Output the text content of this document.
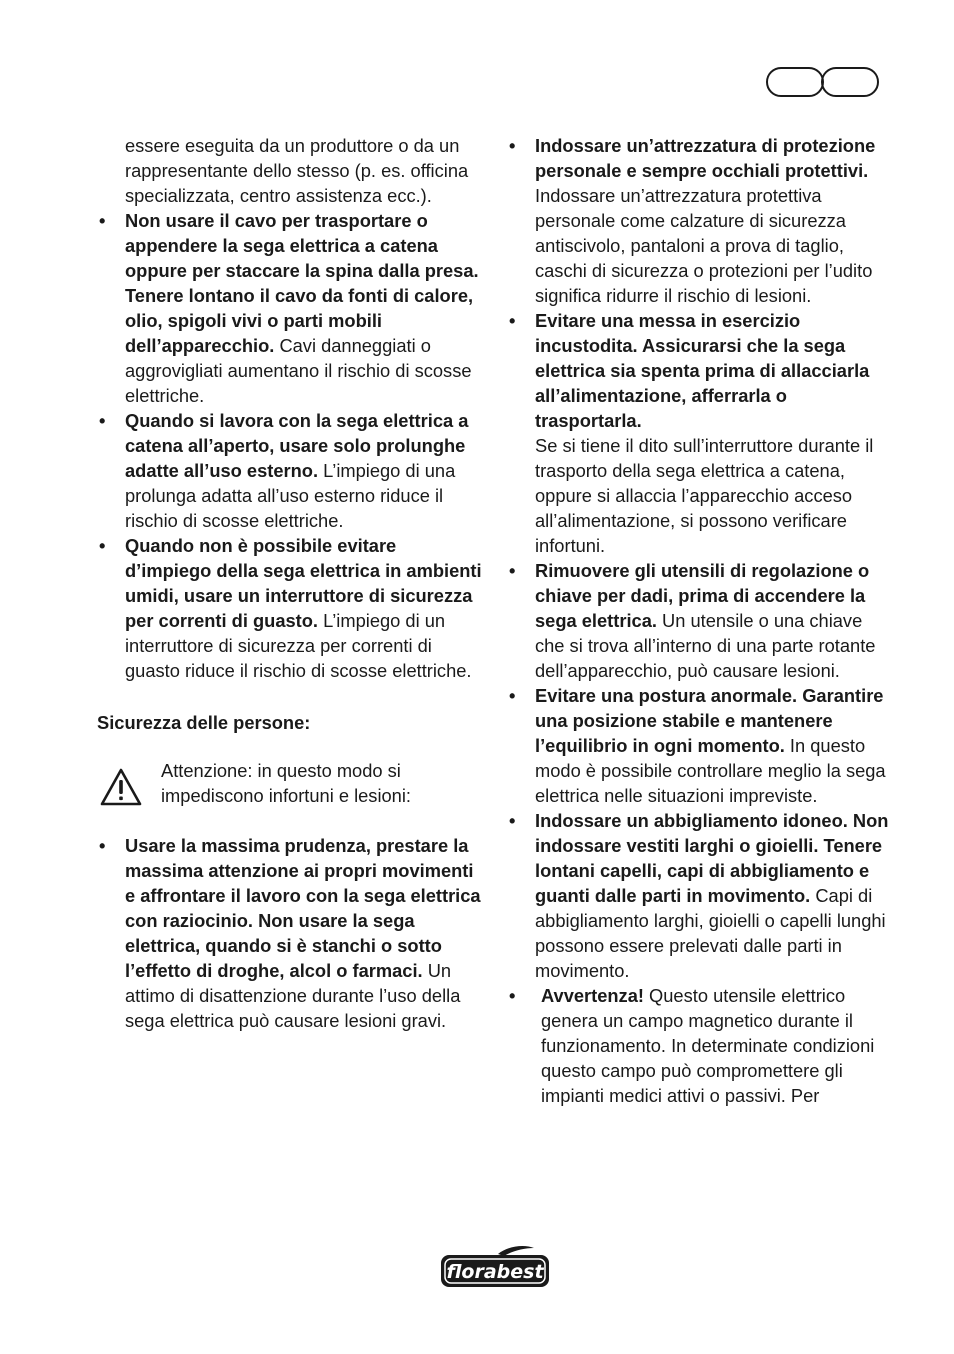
essere eseguita da un produttore o da un rappresentante dello stesso (p. es. officina specializzata, centro assistenza ecc.).

• Non usare il cavo per trasportare o appendere la sega elettrica a catena oppure per staccare la spina dalla presa. Tenere lontano il cavo da fonti di calore, olio, spigoli vivi o parti mobili dell’apparecchio. Cavi danneggiati o aggrovigliati aumentano il rischio di scosse elettriche.
• Quando si lavora con la sega elettrica a catena all’aperto, usare solo prolunghe adatte all’uso esterno. L’impiego di una prolunga adatta all’uso esterno riduce il rischio di scosse elettriche.
• Quando non è possibile evitare d’impiego della sega elettrica in ambienti umidi, usare un interruttore di sicurezza per correnti di guasto. L’impiego di un interruttore di sicurezza per correnti di guasto riduce il rischio di scosse elettriche.

Sicurezza delle persone:

Attenzione: in questo modo si impediscono infortuni e lesioni:
• Usare la massima prudenza, prestare la massima attenzione ai propri movimenti e affrontare il lavoro con la sega elettrica con raziocinio. Non usare la sega elettrica, quando si è stanchi o sotto l’effetto di droghe, alcol o farmaci. Un attimo di disattenzione durante l’uso della sega elettrica può causare lesioni gravi.
• Indossare un’attrezzatura di protezione personale e sempre occhiali protettivi. Indossare un’attrezzatura protettiva personale come calzature di sicurezza antiscivolo, pantaloni a prova di taglio, caschi di sicurezza o protezioni per l’udito significa ridurre il rischio di lesioni.
• Evitare una messa in esercizio incustodita. Assicurarsi che la sega elettrica sia spenta prima di allacciarla all’alimentazione, afferrarla o trasportarla.
Se si tiene il dito sull’interruttore durante il trasporto della sega elettrica a catena, oppure si allaccia l’apparecchio acceso all’alimentazione, si possono verificare infortuni.
• Rimuovere gli utensili di regolazione o chiave per dadi, prima di accendere la sega elettrica. Un utensile o una chiave che si trova all’interno di una parte rotante dell’apparecchio, può causare lesioni.
• Evitare una postura anormale. Garantire una posizione stabile e mantenere l’equilibrio in ogni momento. In questo modo è possibile controllare meglio la sega elettrica nelle situazioni impreviste.
• Indossare un abbigliamento idoneo. Non indossare vestiti larghi o gioielli. Tenere lontani capelli, capi di abbigliamento e guanti dalle parti in movimento. Capi di abbigliamento larghi, gioielli o capelli lunghi possono essere prelevati dalle parti in movimento.
•	Avvertenza! Questo utensile elettrico genera un campo magnetico durante il funzionamento. In determinate condizioni questo campo può compromettere gli impianti medici attivi o passivi. Per
florabest
